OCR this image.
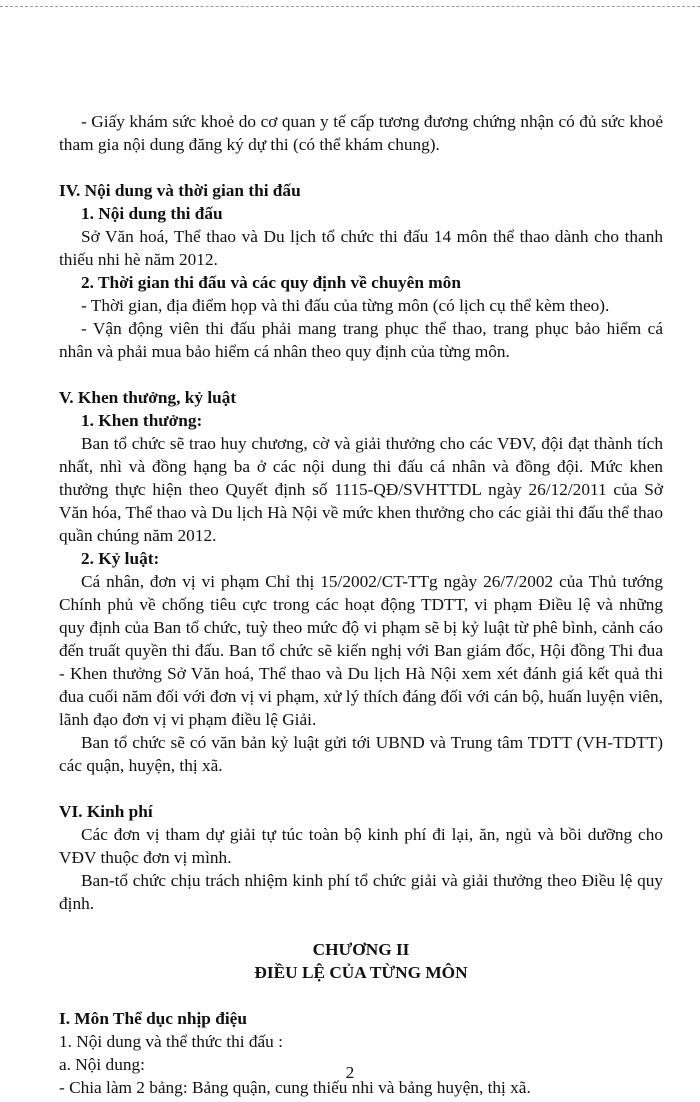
- Giấy khám sức khoẻ do cơ quan y tế cấp tương đương chứng nhận có đủ sức khoẻ tham gia nội dung đăng ký dự thi (có thể khám chung).

IV. Nội dung và thời gian thi đấu

1. Nội dung thi đấu

Sở Văn hoá, Thể thao và Du lịch tổ chức thi đấu 14 môn thể thao dành cho thanh thiếu nhi hè năm 2012.

2. Thời gian thi đấu và các quy định về chuyên môn

- Thời gian, địa điểm họp và thi đấu của từng môn (có lịch cụ thể kèm theo).

- Vận động viên thi đấu phải mang trang phục thể thao, trang phục bảo hiểm cá nhân và phải mua bảo hiểm cá nhân theo quy định của từng môn.

V. Khen thưởng, kỷ luật

1. Khen thưởng:

Ban tổ chức sẽ trao huy chương, cờ và giải thưởng cho các VĐV, đội đạt thành tích nhất, nhì và đồng hạng ba ở các nội dung thi đấu cá nhân và đồng đội. Mức khen thưởng thực hiện theo Quyết định số 1115-QĐ/SVHTTDL ngày 26/12/2011 của Sở Văn hóa, Thể thao và Du lịch Hà Nội về mức khen thưởng cho các giải thi đấu thể thao quần chúng năm 2012.

2. Kỷ luật:

Cá nhân, đơn vị vi phạm Chỉ thị 15/2002/CT-TTg ngày 26/7/2002 của Thủ tướng Chính phủ về chống tiêu cực trong các hoạt động TDTT, vi phạm Điều lệ và những quy định của Ban tổ chức, tuỳ theo mức độ vi phạm sẽ bị kỷ luật từ phê bình, cảnh cáo đến truất quyền thi đấu. Ban tổ chức sẽ kiến nghị với Ban giám đốc, Hội đồng Thi đua - Khen thưởng Sở Văn hoá, Thể thao và Du lịch Hà Nội xem xét đánh giá kết quả thi đua cuối năm đối với đơn vị vi phạm, xử lý thích đáng đối với cán bộ, huấn luyện viên, lãnh đạo đơn vị vi phạm điều lệ Giải.

Ban tổ chức sẽ có văn bản kỷ luật gửi tới UBND và Trung tâm TDTT (VH-TDTT) các quận, huyện, thị xã.

VI. Kinh phí

Các đơn vị tham dự giải tự túc toàn bộ kinh phí đi lại, ăn, ngủ và bồi dưỡng cho VĐV thuộc đơn vị mình.

Ban-tổ chức chịu trách nhiệm kinh phí tổ chức giải và giải thưởng theo Điều lệ quy định.

CHƯƠNG II

ĐIỀU LỆ CỦA TỪNG MÔN

I. Môn Thể dục nhịp điệu

1. Nội dung và thể thức thi đấu :

a. Nội dung:

- Chia làm 2 bảng: Bảng quận, cung thiếu nhi và bảng huyện, thị xã.

2
